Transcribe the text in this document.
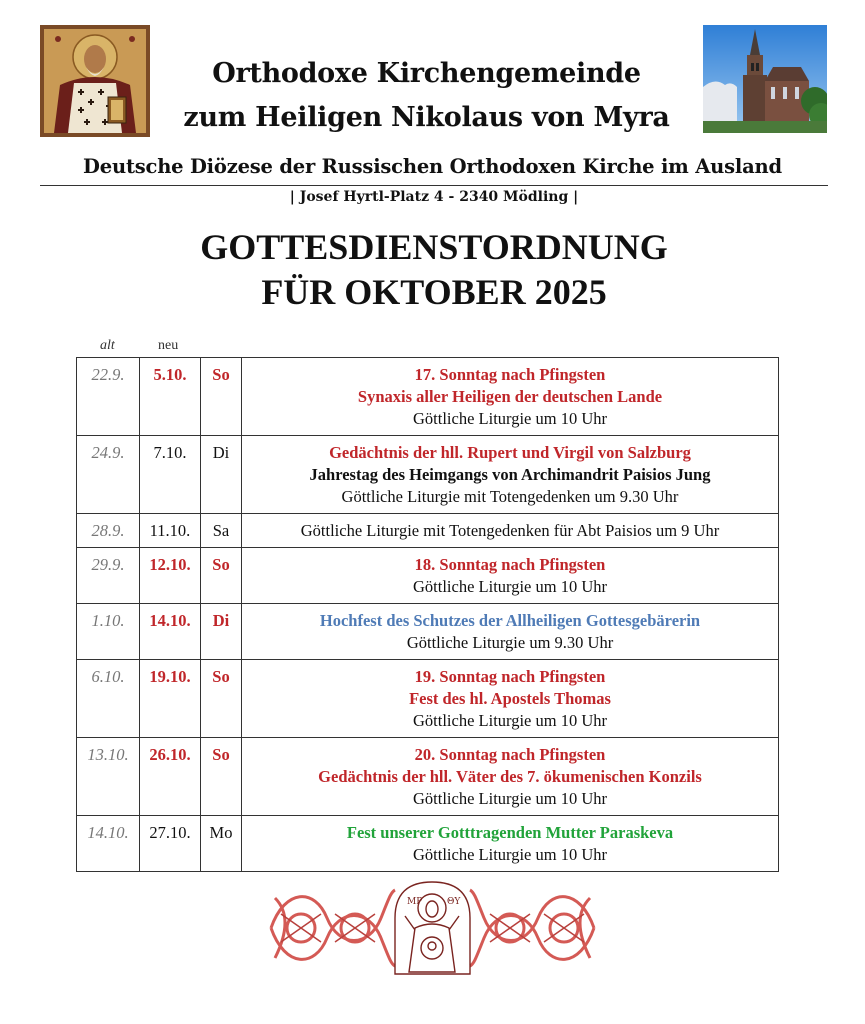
Orthodoxe Kirchengemeinde
zum Heiligen Nikolaus von Myra
Deutsche Diözese der Russischen Orthodoxen Kirche im Ausland
| Josef Hyrtl-Platz 4 - 2340 Mödling |
GOTTESDIENSTORDNUNG
FÜR OKTOBER 2025
alt	neu
22.9.	5.10.	So	17. Sonntag nach Pfingsten
Synaxis aller Heiligen der deutschen Lande
Göttliche Liturgie um 10 Uhr

24.9.	7.10.	Di	Gedächtnis der hll. Rupert und Virgil von Salzburg
Jahrestag des Heimgangs von Archimandrit Paisios Jung
Göttliche Liturgie mit Totengedenken um 9.30 Uhr

28.9.	11.10.	Sa	Göttliche Liturgie mit Totengedenken für Abt Paisios um 9 Uhr

29.9.	12.10.	So	18. Sonntag nach Pfingsten
Göttliche Liturgie um 10 Uhr

1.10.	14.10.	Di	Hochfest des Schutzes der Allheiligen Gottesgebärerin
Göttliche Liturgie um 9.30 Uhr

6.10.	19.10.	So	19. Sonntag nach Pfingsten
Fest des hl. Apostels Thomas
Göttliche Liturgie um 10 Uhr

13.10.	26.10.	So	20. Sonntag nach Pfingsten
Gedächtnis der hll. Väter des 7. ökumenischen Konzils
Göttliche Liturgie um 10 Uhr

14.10.	27.10.	Mo	Fest unserer Gotttragenden Mutter Paraskeva
Göttliche Liturgie um 10 Uhr
ΜΡ	ΘΥ
